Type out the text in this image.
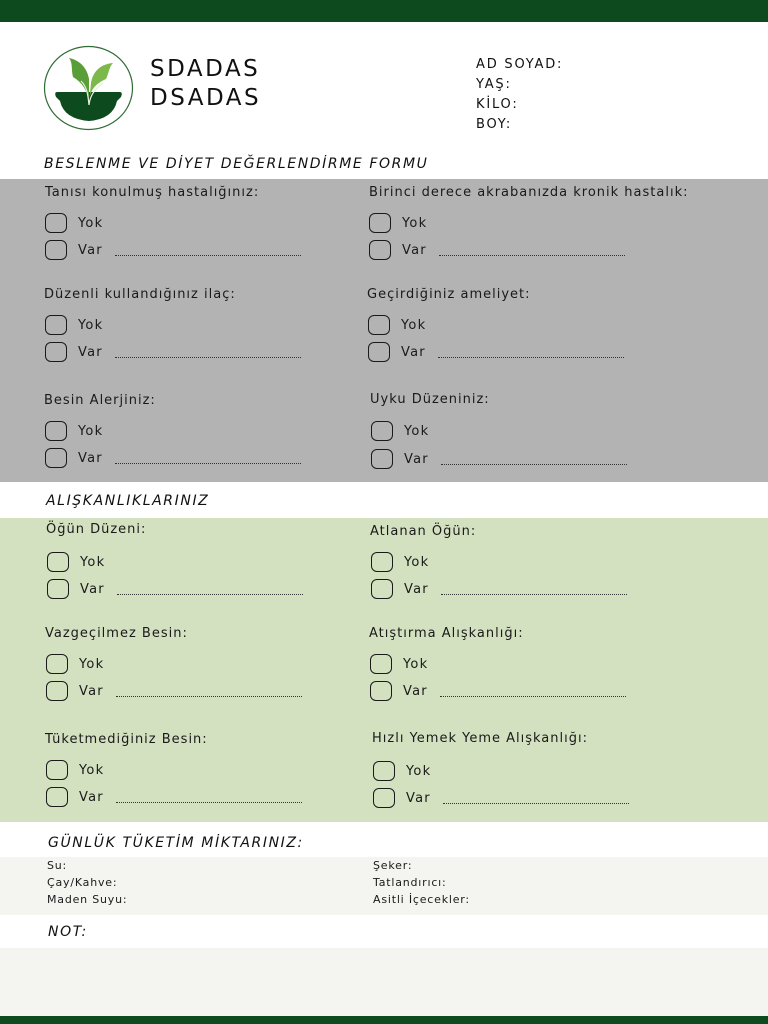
SDADAS
DSADAS
AD SOYAD:
YAŞ:
KİLO:
BOY:
BESLENME VE DİYET DEĞERLENDİRME FORMU
Tanısı konulmuş hastalığınız:
Yok
Var
Birinci derece akrabanızda kronik hastalık:
Yok
Var
Düzenli kullandığınız ilaç:
Yok
Var
Geçirdiğiniz ameliyet:
Yok
Var
Besin Alerjiniz:
Yok
Var
Uyku Düzeniniz:
Yok
Var
ALIŞKANLIKLARINIZ
Öğün Düzeni:
Yok
Var
Atlanan Öğün:
Yok
Var
Vazgeçilmez Besin:
Yok
Var
Atıştırma Alışkanlığı:
Yok
Var
Tüketmediğiniz Besin:
Yok
Var
Hızlı Yemek Yeme Alışkanlığı:
Yok
Var
GÜNLÜK TÜKETİM MİKTARINIZ:
Su:
Çay/Kahve:
Maden Suyu:
Şeker:
Tatlandırıcı:
Asitli İçecekler:
NOT:
